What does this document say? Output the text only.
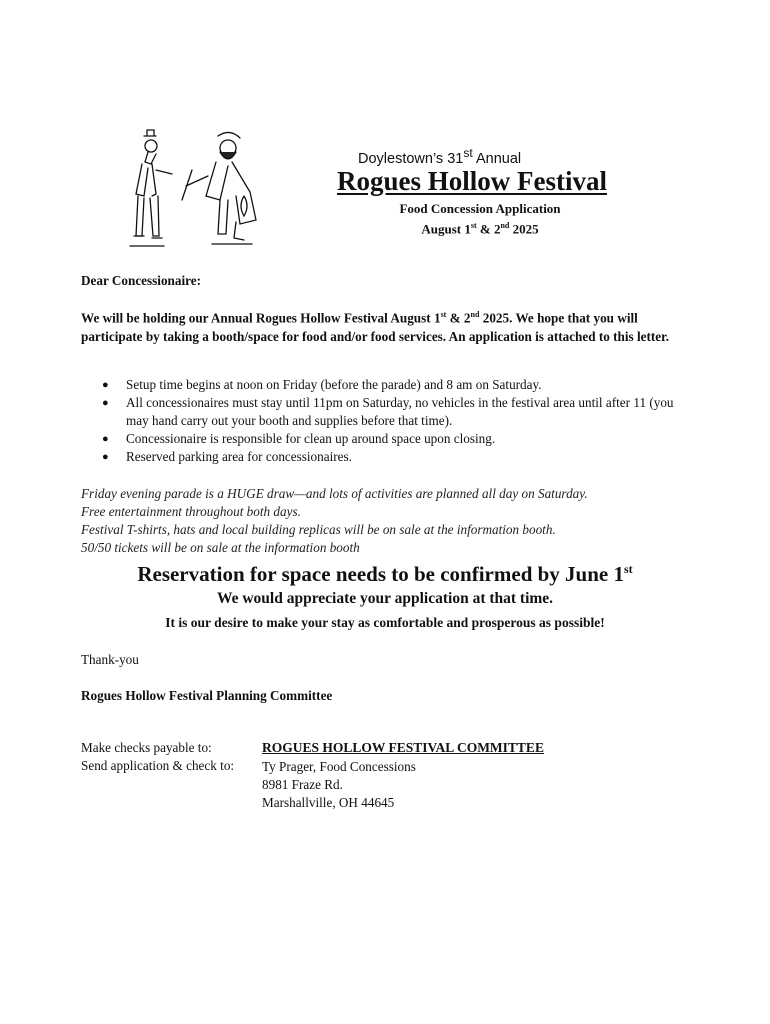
Doylestown’s 31st Annual
Rogues Hollow Festival
Food Concession Application
August 1st & 2nd 2025
Dear Concessionaire:
We will be holding our Annual Rogues Hollow Festival August 1st & 2nd 2025. We hope that you will participate by taking a booth/space for food and/or food services. An application is attached to this letter.
● Setup time begins at noon on Friday (before the parade) and 8 am on Saturday.
● All concessionaires must stay until 11pm on Saturday, no vehicles in the festival area until after 11 (you may hand carry out your booth and supplies before that time).
● Concessionaire is responsible for clean up around space upon closing.
● Reserved parking area for concessionaires.
Friday evening parade is a HUGE draw—and lots of activities are planned all day on Saturday.
Free entertainment throughout both days.
Festival T-shirts, hats and local building replicas will be on sale at the information booth.
50/50 tickets will be on sale at the information booth
Reservation for space needs to be confirmed by June 1st
We would appreciate your application at that time.
It is our desire to make your stay as comfortable and prosperous as possible!
Thank-you
Rogues Hollow Festival Planning Committee
Make checks payable to:	ROGUES HOLLOW FESTIVAL COMMITTEE
Send application & check to: Ty Prager, Food Concessions
8981 Fraze Rd.
Marshallville, OH 44645
